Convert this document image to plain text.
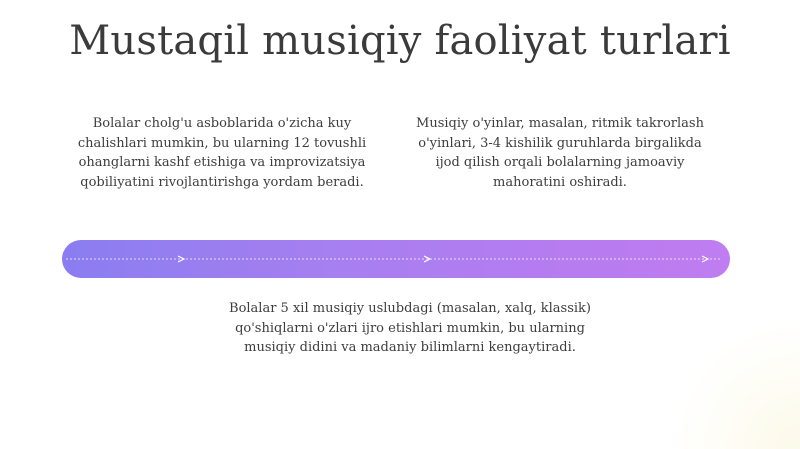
Mustaqil musiqiy faoliyat turlari
Bolalar cholg'u asboblarida o'zicha kuy chalishlari mumkin, bu ularning 12 tovushli ohanglarni kashf etishiga va improvizatsiya qobiliyatini rivojlantirishga yordam beradi.
Musiqiy o'yinlar, masalan, ritmik takrorlash o'yinlari, 3-4 kishilik guruhlarda birgalikda ijod qilish orqali bolalarning jamoaviy mahoratini oshiradi.
Bolalar 5 xil musiqiy uslubdagi (masalan, xalq, klassik) qo'shiqlarni o'zlari ijro etishlari mumkin, bu ularning musiqiy didini va madaniy bilimlarni kengaytiradi.
